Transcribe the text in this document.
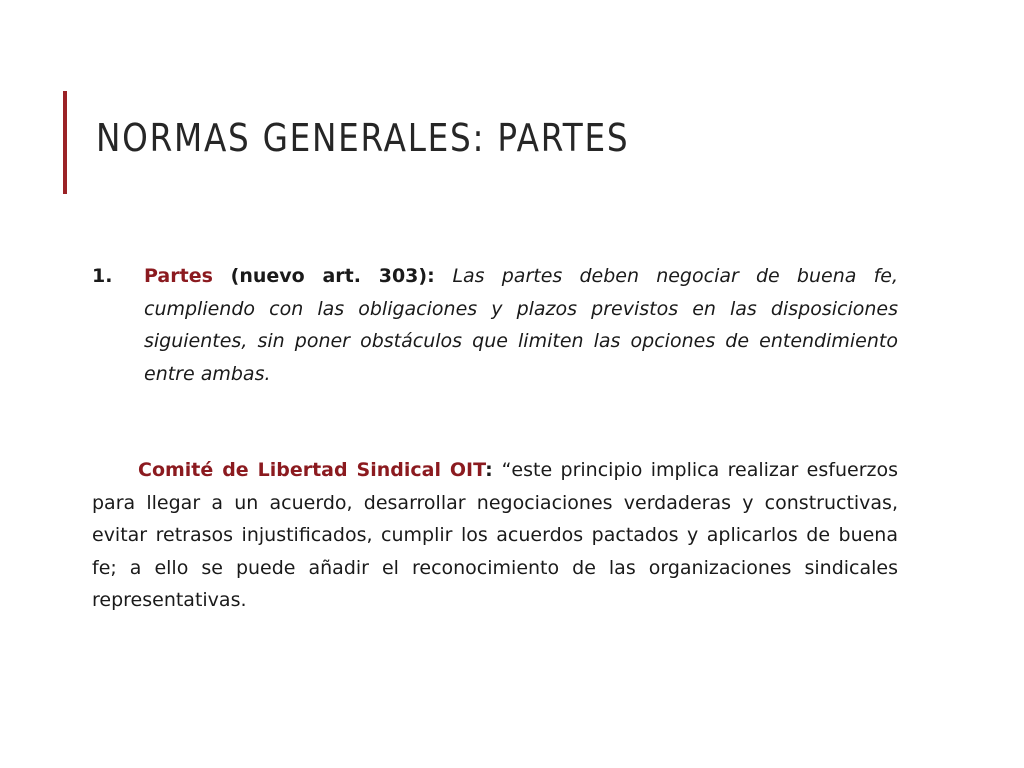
NORMAS GENERALES: PARTES
1. Partes (nuevo art. 303): Las partes deben negociar de buena fe, cumpliendo con las obligaciones y plazos previstos en las disposiciones siguientes, sin poner obstáculos que limiten las opciones de entendimiento entre ambas.

Comité de Libertad Sindical OIT: “este principio implica realizar esfuerzos para llegar a un acuerdo, desarrollar negociaciones verdaderas y constructivas, evitar retrasos injustificados, cumplir los acuerdos pactados y aplicarlos de buena fe; a ello se puede añadir el reconocimiento de las organizaciones sindicales representativas.
